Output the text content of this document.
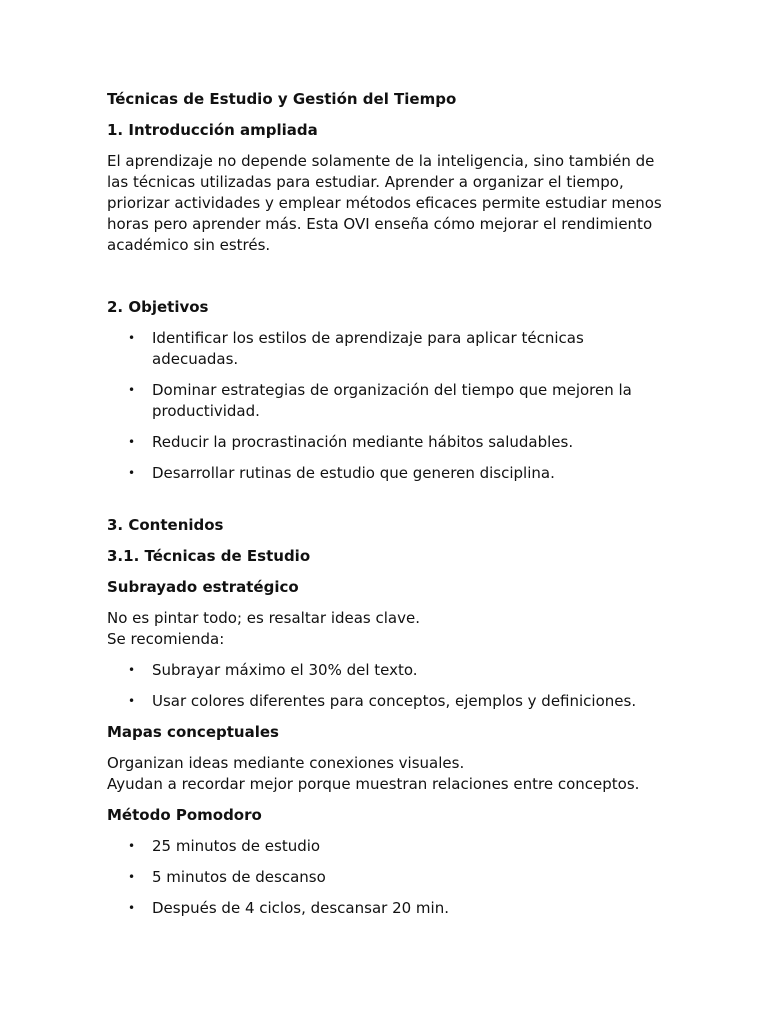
Técnicas de Estudio y Gestión del Tiempo
1. Introducción ampliada

El aprendizaje no depende solamente de la inteligencia, sino también de las técnicas utilizadas para estudiar. Aprender a organizar el tiempo, priorizar actividades y emplear métodos eficaces permite estudiar menos horas pero aprender más. Esta OVI enseña cómo mejorar el rendimiento académico sin estrés.

2. Objetivos
• Identificar los estilos de aprendizaje para aplicar técnicas adecuadas.
• Dominar estrategias de organización del tiempo que mejoren la productividad.
• Reducir la procrastinación mediante hábitos saludables.
• Desarrollar rutinas de estudio que generen disciplina.
3. Contenidos
3.1. Técnicas de Estudio
Subrayado estratégico

No es pintar todo; es resaltar ideas clave.

Se recomienda:

• Subrayar máximo el 30% del texto.
• Usar colores diferentes para conceptos, ejemplos y definiciones.
Mapas conceptuales

Organizan ideas mediante conexiones visuales.

Ayudan a recordar mejor porque muestran relaciones entre conceptos.

Método Pomodoro
• 25 minutos de estudio
• 5 minutos de descanso
• Después de 4 ciclos, descansar 20 min.
